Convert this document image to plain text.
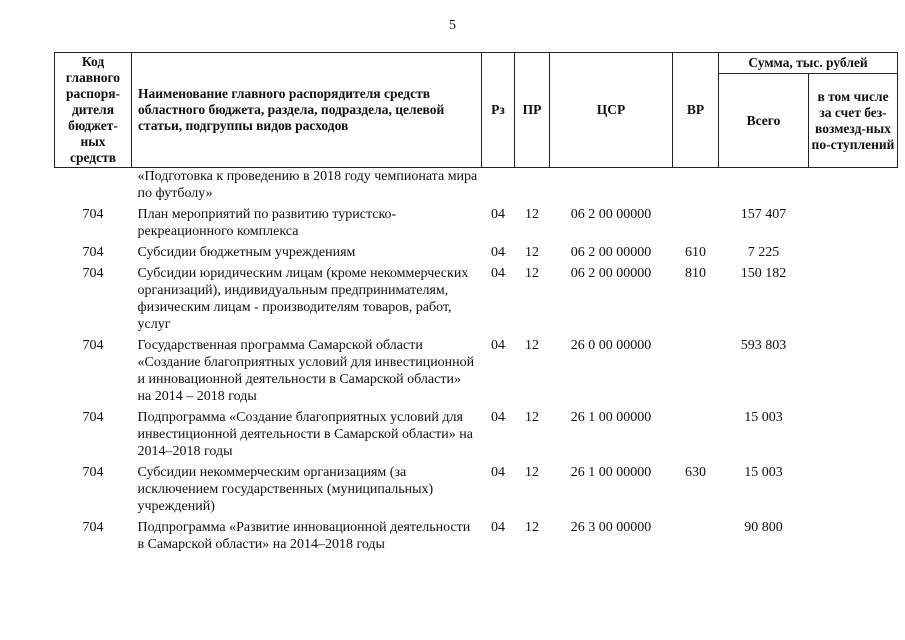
5
Код главного распоря-дителя бюджет-ных средств	Наименование главного распорядителя средств областного бюджета, раздела, подраздела, целевой статьи, подгруппы видов расходов	Рз	ПР	ЦСР	ВР	Сумма, тыс. рублей	
						Всего	в том числе за счет без-возмезд-ных по-ступлений
	«Подготовка к проведению в 2018 году чемпионата мира по футболу»						
704	План мероприятий по развитию туристско-рекреационного комплекса	04	12	06 2 00 00000		157 407	
704	Субсидии бюджетным учреждениям	04	12	06 2 00 00000	610	7 225	
704	Субсидии юридическим лицам (кроме некоммерческих организаций), индивидуальным предпринимателям, физическим лицам - производителям товаров, работ, услуг	04	12	06 2 00 00000	810	150 182	
704	Государственная программа Самарской области «Создание благоприятных условий для инвестиционной и инновационной деятельности в Самарской области» на 2014 – 2018 годы	04	12	26 0 00 00000		593 803	
704	Подпрограмма «Создание благоприятных условий для инвестиционной деятельности в Самарской области» на 2014–2018 годы	04	12	26 1 00 00000		15 003	
704	Субсидии некоммерческим организациям (за исключением государственных (муниципальных) учреждений)	04	12	26 1 00 00000	630	15 003	
704	Подпрограмма «Развитие инновационной деятельности в Самарской области» на 2014–2018 годы	04	12	26 3 00 00000		90 800	
